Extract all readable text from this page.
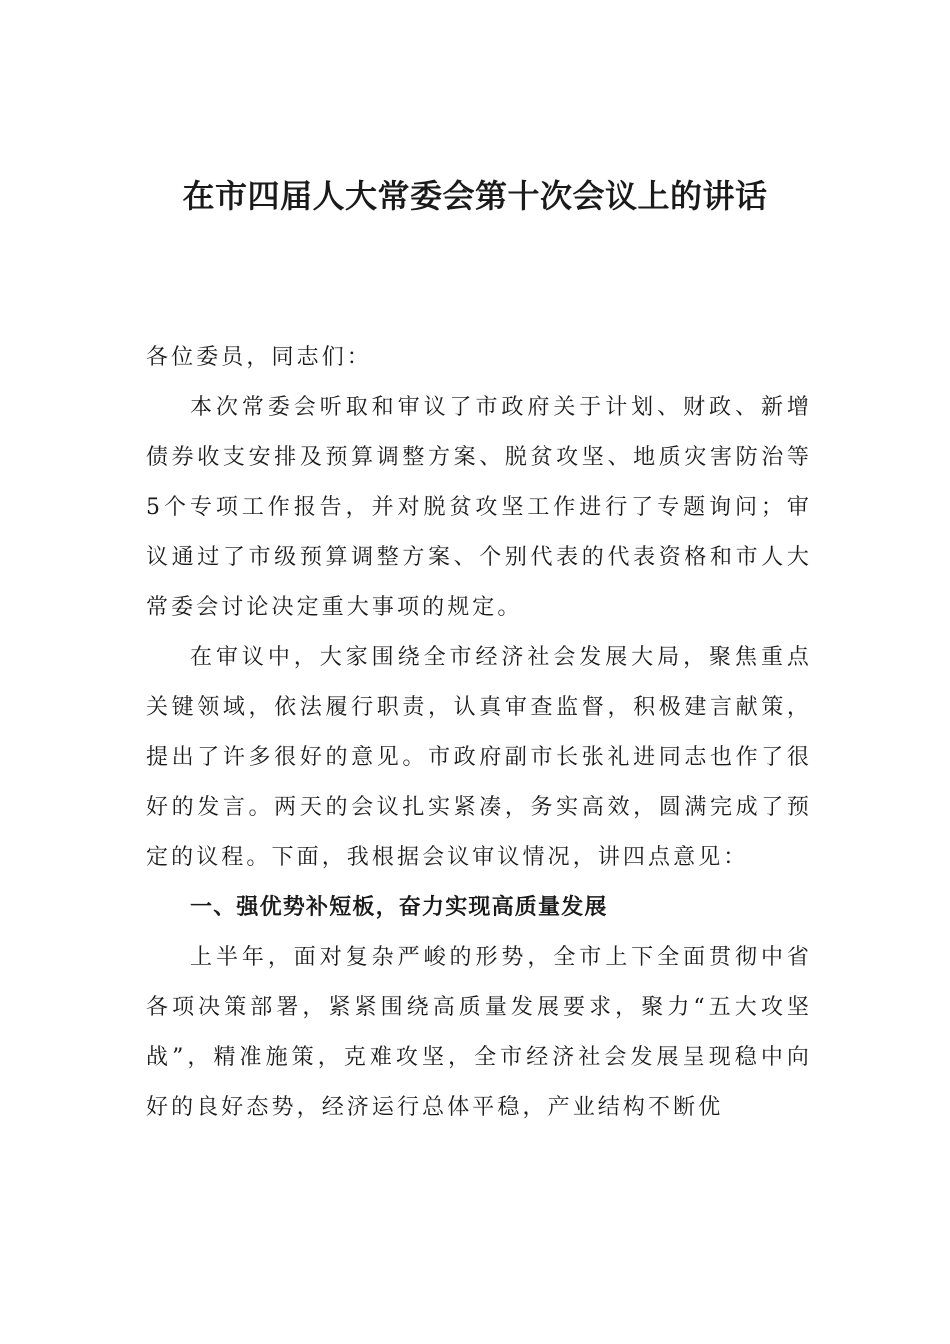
在市四届人大常委会第十次会议上的讲话

各位委员，同志们：

本次常委会听取和审议了市政府关于计划、财政、新增债券收支安排及预算调整方案、脱贫攻坚、地质灾害防治等5个专项工作报告，并对脱贫攻坚工作进行了专题询问；审议通过了市级预算调整方案、个别代表的代表资格和市人大常委会讨论决定重大事项的规定。

在审议中，大家围绕全市经济社会发展大局，聚焦重点关键领域，依法履行职责，认真审查监督，积极建言献策，提出了许多很好的意见。市政府副市长张礼进同志也作了很好的发言。两天的会议扎实紧凑，务实高效，圆满完成了预定的议程。下面，我根据会议审议情况，讲四点意见：

一、强优势补短板，奋力实现高质量发展

上半年，面对复杂严峻的形势，全市上下全面贯彻中省各项决策部署，紧紧围绕高质量发展要求，聚力“五大攻坚战”，精准施策，克难攻坚，全市经济社会发展呈现稳中向好的良好态势，经济运行总体平稳，产业结构不断优
